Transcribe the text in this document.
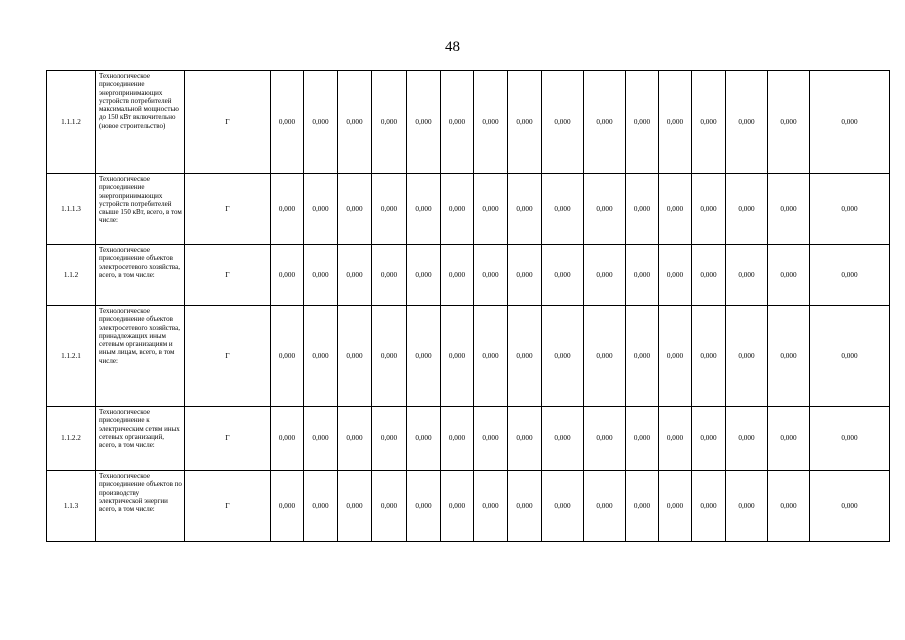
48
1.1.1.2	Технологическое присоединение энергопринимающих устройств потребителей максимальной мощностью до 150 кВт включительно (новое строительство)	Г	0,000	0,000	0,000	0,000	0,000	0,000	0,000	0,000	0,000	0,000	0,000	0,000	0,000	0,000	0,000	0,000
1.1.1.3	Технологическое присоединение энергопринимающих устройств потребителей свыше 150 кВт, всего, в том числе:	Г	0,000	0,000	0,000	0,000	0,000	0,000	0,000	0,000	0,000	0,000	0,000	0,000	0,000	0,000	0,000	0,000
1.1.2	Технологическое присоединение объектов электросетевого хозяйства, всего, в том числе:	Г	0,000	0,000	0,000	0,000	0,000	0,000	0,000	0,000	0,000	0,000	0,000	0,000	0,000	0,000	0,000	0,000
1.1.2.1	Технологическое присоединение объектов электросетевого хозяйства, принадлежащих иным сетевым организациям и иным лицам, всего, в том числе:	Г	0,000	0,000	0,000	0,000	0,000	0,000	0,000	0,000	0,000	0,000	0,000	0,000	0,000	0,000	0,000	0,000
1.1.2.2	Технологическое присоединение к электрическим сетям иных сетевых организаций, всего, в том числе:	Г	0,000	0,000	0,000	0,000	0,000	0,000	0,000	0,000	0,000	0,000	0,000	0,000	0,000	0,000	0,000	0,000
1.1.3	Технологическое присоединение объектов по производству электрической энергии всего, в том числе:	Г	0,000	0,000	0,000	0,000	0,000	0,000	0,000	0,000	0,000	0,000	0,000	0,000	0,000	0,000	0,000	0,000
